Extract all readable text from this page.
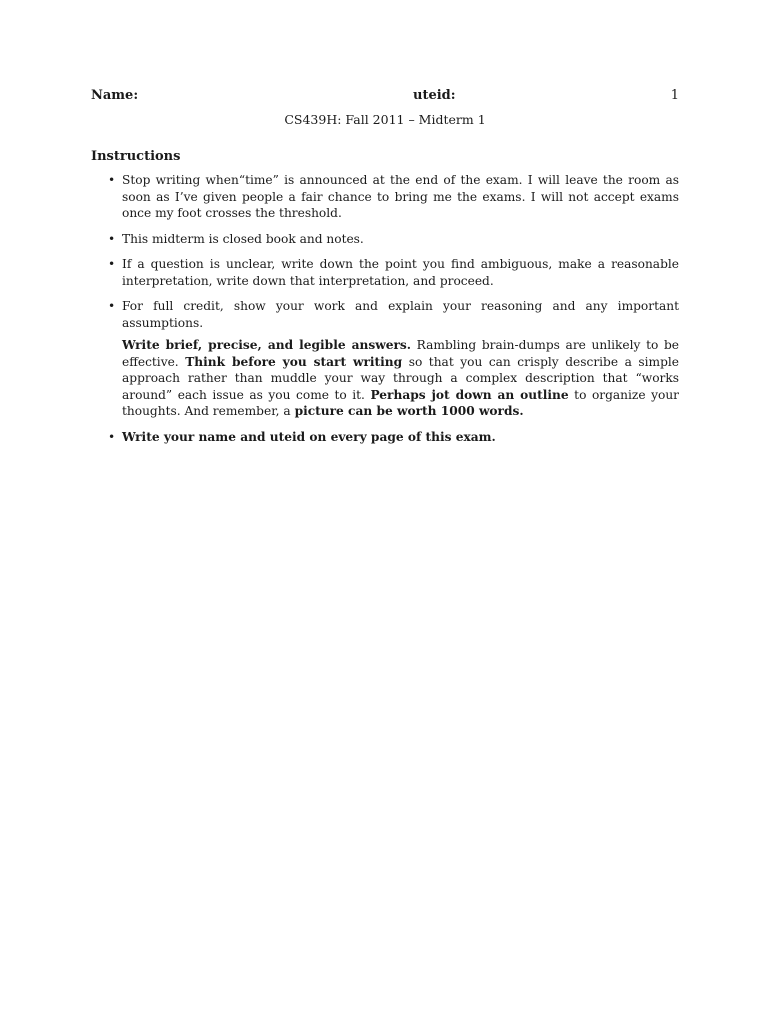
Name:	uteid:	1
CS439H: Fall 2011 – Midterm 1
Instructions
• Stop writing when“time” is announced at the end of the exam. I will leave the room as soon as I’ve given people a fair chance to bring me the exams. I will not accept exams once my foot crosses the threshold.
• This midterm is closed book and notes.
• If a question is unclear, write down the point you find ambiguous, make a reasonable interpretation, write down that interpretation, and proceed.
• For full credit, show your work and explain your reasoning and any important assumptions.
Write brief, precise, and legible answers. Rambling brain-dumps are unlikely to be effective. Think before you start writing so that you can crisply describe a simple approach rather than muddle your way through a complex description that “works around” each issue as you come to it. Perhaps jot down an outline to organize your thoughts. And remember, a picture can be worth 1000 words.
• Write your name and uteid on every page of this exam.
